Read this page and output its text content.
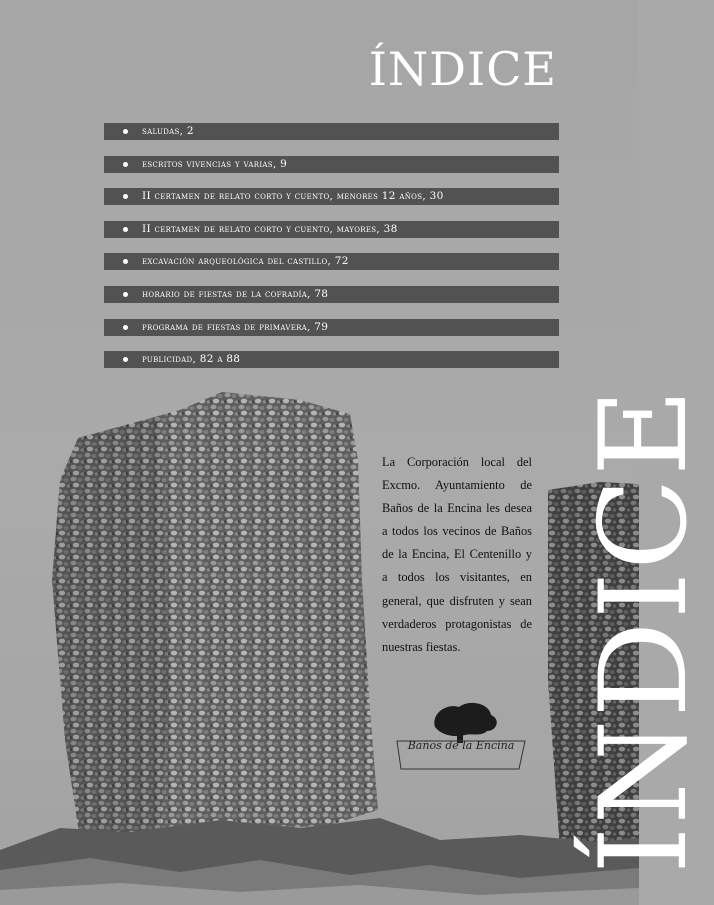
ÍNDICE
saludas, 2
escritos vivencias y varias, 9
II certamen de relato corto y cuento, menores 12 años, 30
II certamen de relato corto y cuento, mayores, 38
excavación arqueológica del castillo, 72
horario de fiestas de la cofradía, 78
programa de fiestas de primavera, 79
publicidad, 82 a 88

La Corporación local del Excmo. Ayuntamiento de Baños de la Encina les desea a todos los vecinos de Baños de la Encina, El Centenillo y a todos los visitantes, en general, que disfruten y sean verdaderos protagonistas de nuestras fiestas.

Baños de la Encina ÍNDICE
